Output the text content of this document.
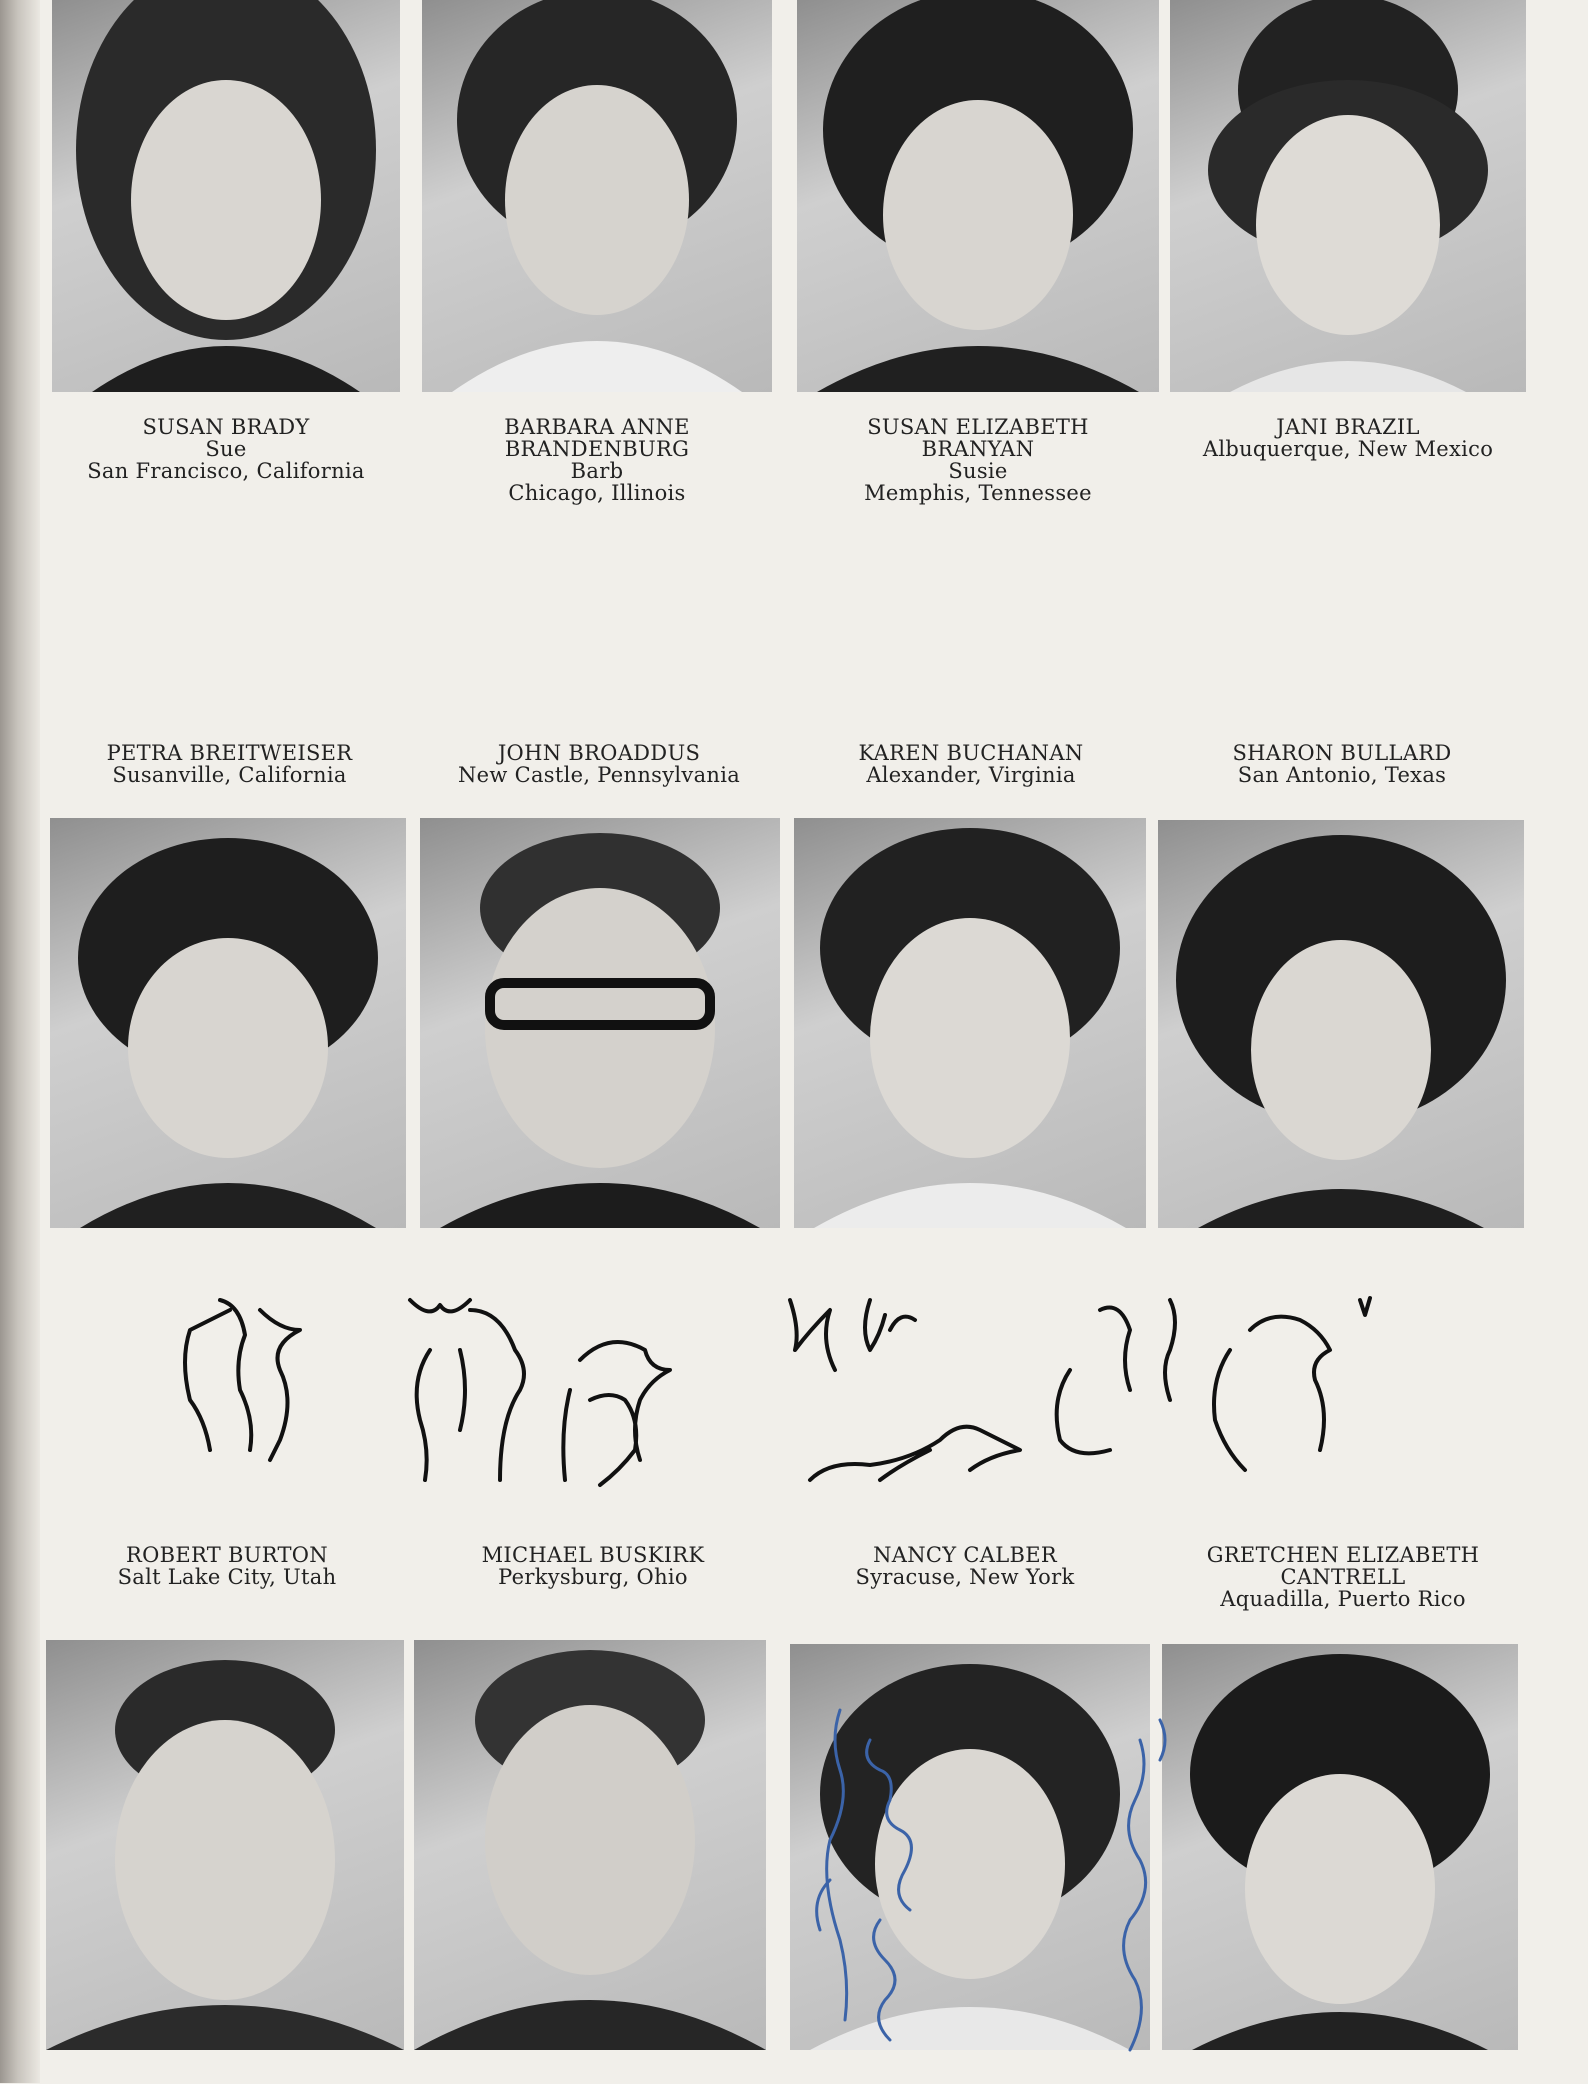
SUSAN BRADY
Sue
San Francisco, California
BARBARA ANNE
BRANDENBURG
Barb
Chicago, Illinois
SUSAN ELIZABETH
BRANYAN
Susie
Memphis, Tennessee
JANI BRAZIL
Albuquerque, New Mexico
PETRA BREITWEISER
Susanville, California
JOHN BROADDUS
New Castle, Pennsylvania
KAREN BUCHANAN
Alexander, Virginia
SHARON BULLARD
San Antonio, Texas
ROBERT BURTON
Salt Lake City, Utah
MICHAEL BUSKIRK
Perkysburg, Ohio
NANCY CALBER
Syracuse, New York
GRETCHEN ELIZABETH
CANTRELL
Aquadilla, Puerto Rico
